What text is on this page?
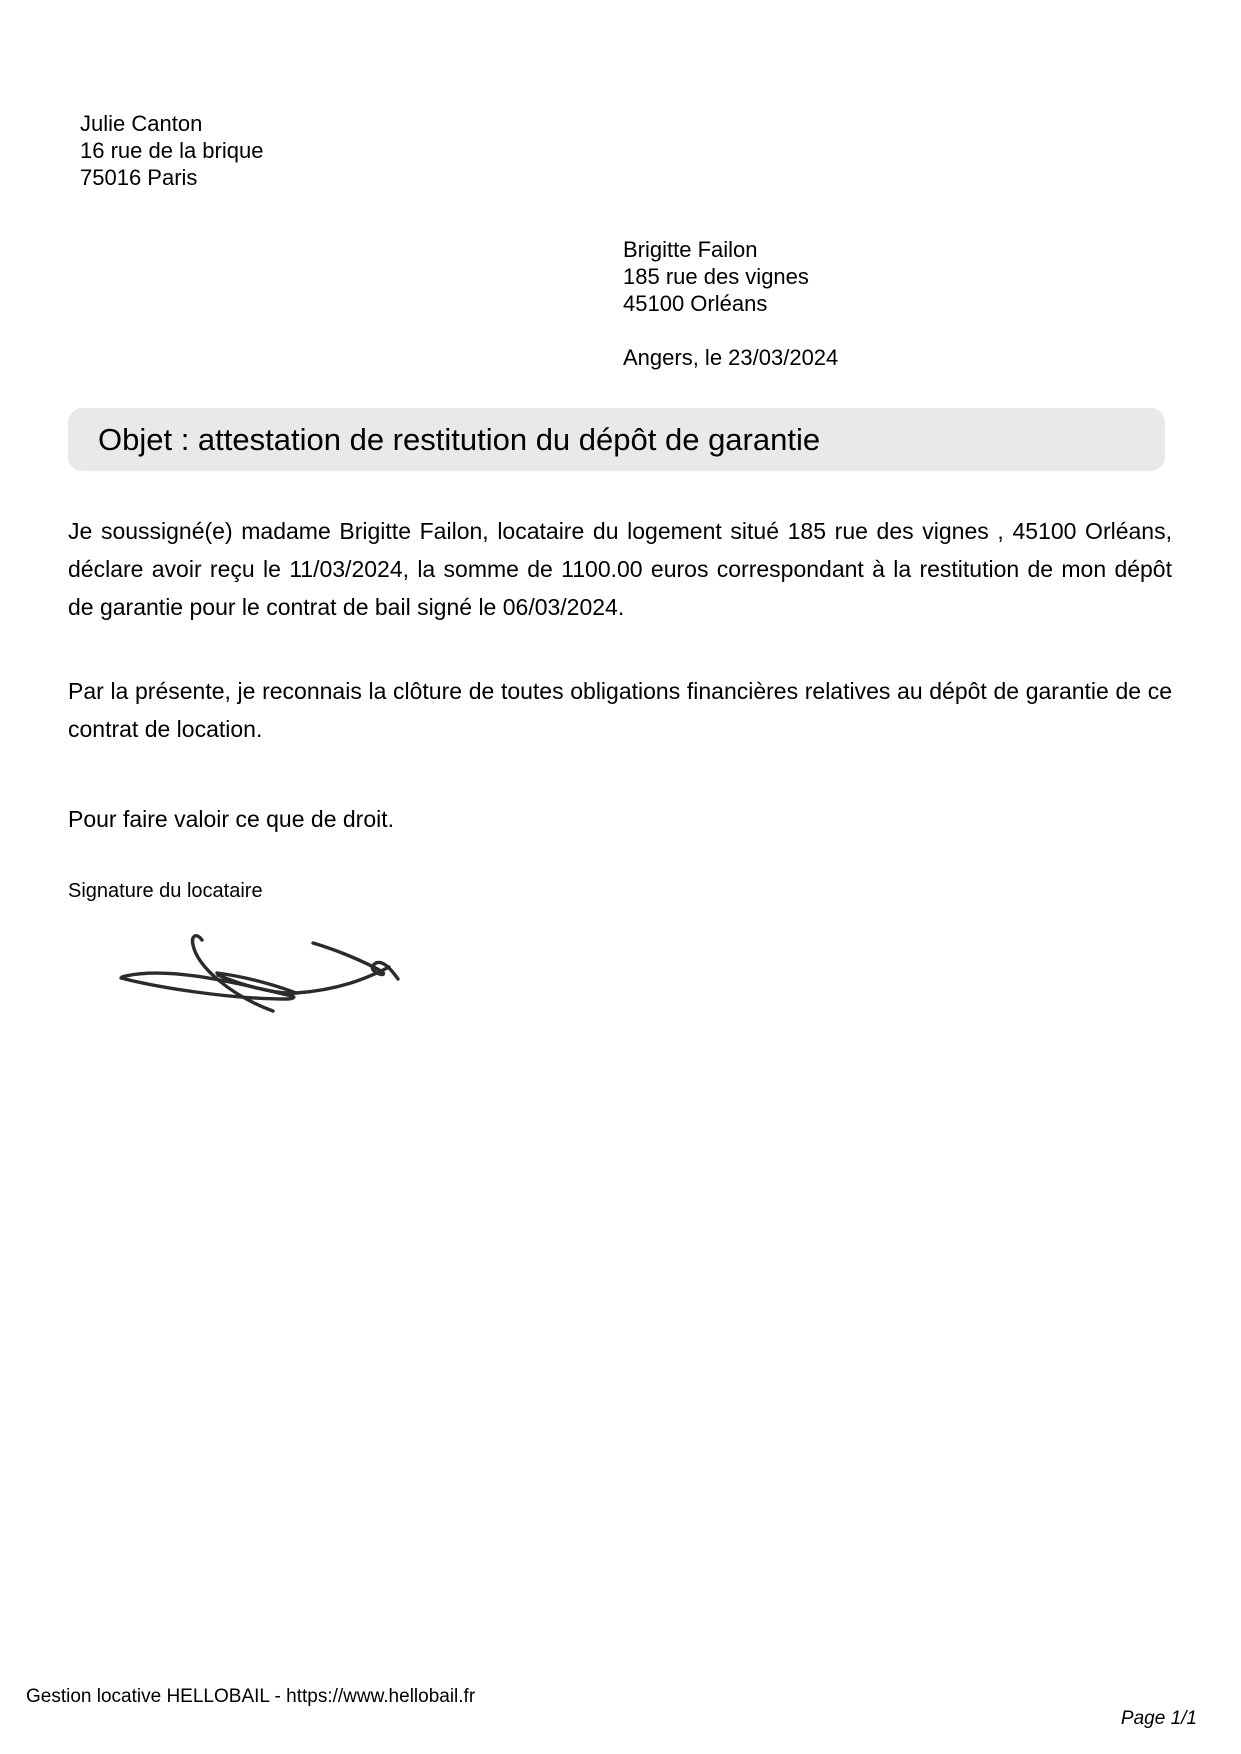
Julie Canton
16 rue de la brique
75016 Paris
Brigitte Failon
185 rue des vignes
45100 Orléans
Angers, le 23/03/2024
Objet : attestation de restitution du dépôt de garantie

Je soussigné(e) madame Brigitte Failon, locataire du logement situé 185 rue des vignes , 45100 Orléans, déclare avoir reçu le 11/03/2024, la somme de 1100.00 euros correspondant à la restitution de mon dépôt de garantie pour le contrat de bail signé le 06/03/2024.

Par la présente, je reconnais la clôture de toutes obligations financières relatives au dépôt de garantie de ce contrat de location.

Pour faire valoir ce que de droit.

Signature du locataire
Gestion locative HELLOBAIL - https://www.hellobail.fr
Page 1/1
